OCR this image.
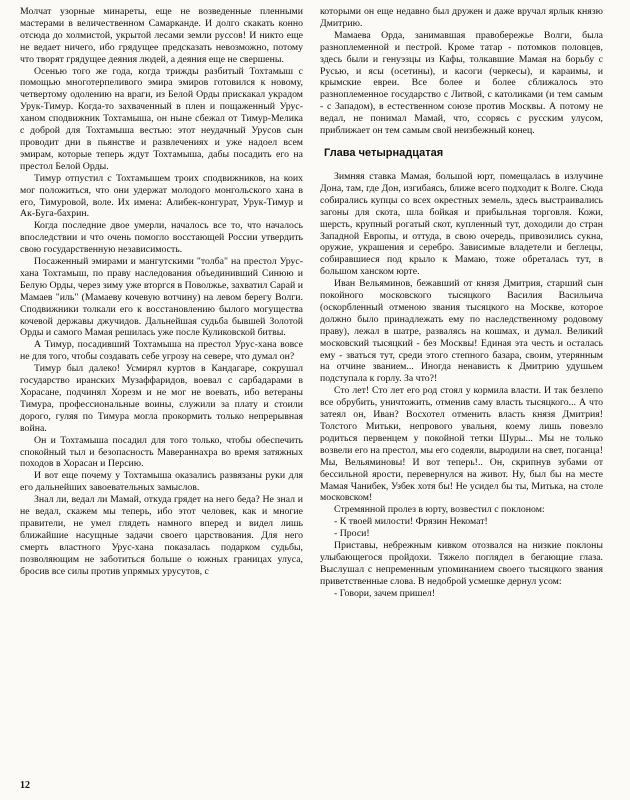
Молчат узорные минареты, еще не возведенные пленными мастерами в величественном Самарканде. И долго скакать конно отсюда до холмистой, укрытой лесами земли руссов! И никто еще не ведает ничего, ибо грядущее предсказать невозможно, потому что творят грядущее деяния людей, а деяния еще не свершены.

Осенью того же года, когда трижды разбитый Тохтамыш с помощью многотерпеливого эмира эмиров готовился к новому, четвертому одолению на враги, из Белой Орды прискакал украдом Урук-Тимур. Когда-то захваченный в плен и пощаженный Урус-ханом сподвижник Тохтамыша, он ныне сбежал от Тимур-Мелика с доброй для Тохтамыша вестью: этот неудачный Урусов сын проводит дни в пьянстве и развлечениях и уже надоел всем эмирам, которые теперь ждут Тохтамыша, дабы посадить его на престол Белой Орды.

Тимур отпустил с Тохтамышем троих сподвижников, на коих мог положиться, что они удержат молодого монгольского хана в его, Тимуровой, воле. Их имена: Алибек-конгурат, Урук-Тимур и Ак-Буга-бахрин.

Когда последние двое умерли, началось все то, что началось впоследствии и что очень помогло восстающей России утвердить свою государственную независимость.

Посаженный эмирами и мангутскими "толба" на престол Урус-хана Тохтамыш, по праву наследования объединивший Синюю и Белую Орды, через зиму уже вторгся в Поволжье, захватил Сарай и Мамаев "иль" (Мамаеву кочевую вотчину) на левом берегу Волги. Сподвижники толкали его к восстановлению былого могущества кочевой державы джучидов. Дальнейшая судьба бывшей Золотой Орды и самого Мамая решилась уже после Куликовской битвы.

А Тимур, посадивший Тохтамыша на престол Урус-хана вовсе не для того, чтобы создавать себе угрозу на севере, что думал он?

Тимур был далеко! Усмирял куртов в Кандагаре, сокрушал государство иранских Музаффаридов, воевал с сарбадарами в Хорасане, подчинял Хорезм и не мог не воевать, ибо ветераны Тимура, профессиональные воины, служили за плату и стоили дорого, гуляя по Тимура могла прокормить только непрерывная война.

Он и Тохтамыша посадил для того только, чтобы обеспечить спокойный тыл и безопасность Мавераннахра во время затяжных походов в Хорасан и Персию.

И вот еще почему у Тохтамыша оказались развязаны руки для его дальнейших завоевательных замыслов.

Знал ли, ведал ли Мамай, откуда грядет на него беда? Не знал и не ведал, скажем мы теперь, ибо этот человек, как и многие правители, не умел глядеть намного вперед и видел лишь ближайшие насущные задачи своего царствования. Для него смерть властного Урус-хана показалась подарком судьбы, позволяющим не заботиться больше о южных границах улуса, бросив все силы против упрямых урусутов, с

которыми он еще недавно был дружен и даже вручал ярлык князю Дмитрию.

Мамаева Орда, занимавшая правобережье Волги, была разноплеменной и пестрой. Кроме татар - потомков половцев, здесь были и генуэзцы из Кафы, толкавшие Мамая на борьбу с Русью, и ясы (осетины), и касоги (черкесы), и караимы, и крымские евреи. Все более и более сближалось это разноплеменное государство с Литвой, с католиками (и тем самым - с Западом), в естественном союзе против Москвы. А потому не ведал, не понимал Мамай, что, ссорясь с русским улусом, приближает он тем самым свой неизбежный конец.

Глава четырнадцатая

Зимняя ставка Мамая, большой юрт, помещалась в излучине Дона, там, где Дон, изгибаясь, ближе всего подходит к Волге. Сюда собирались купцы со всех окрестных земель, здесь выстраивались загоны для скота, шла бойкая и прибыльная торговля. Кожи, шерсть, крупный рогатый скот, купленный тут, доходили до стран Западной Европы, и оттуда, в свою очередь, привозились сукна, оружие, украшения и серебро. Зависимые владетели и беглецы, собиравшиеся под крыло к Мамаю, тоже обреталась тут, в большом ханском юрте.

Иван Вельяминов, бежавший от князя Дмитрия, старший сын покойного московского тысяцкого Василия Васильича (оскорбленный отменою звания тысяцкого на Москве, которое должно было принадлежать ему по наследственному родовому праву), лежал в шатре, развалясь на кошмах, и думал. Великий московский тысяцкий - без Москвы! Единая эта честь и осталась ему - зваться тут, среди этого степного базара, своим, утерянным на отчине званием... Иногда ненависть к Дмитрию удушьем подступала к горлу. За что?!

Сто лет! Сто лет его род стоял у кормила власти. И так безлепо все обрубить, уничтожить, отменив саму власть тысяцкого... А что затеял он, Иван? Восхотел отменить власть князя Дмитрия! Толстого Митьки, непрового увальня, коему лишь повезло родиться первенцем у покойной тетки Шуры... Мы не только возвели его на престол, мы его содеяли, выродили на свет, поганца! Мы, Вельяминовы! И вот теперь!.. Он, скрипнув зубами от бессильной ярости, перевернулся на живот. Ну, был бы на месте Мамая Чанибек, Узбек хотя бы! Не усидел бы ты, Митька, на столе московском!

Стремянной пролез в юрту, возвестил с поклоном:

- К твоей милости! Фрязин Некомат!

- Проси!

Приставы, небрежным кивком отозвался на низкие поклоны улыбающегося пройдохи. Тяжело поглядел в бегающие глаза. Выслушал с непременным упоминанием своего тысяцкого звания приветственные слова. В недоброй усмешке дернул усом:

- Говори, зачем пришел!

12
